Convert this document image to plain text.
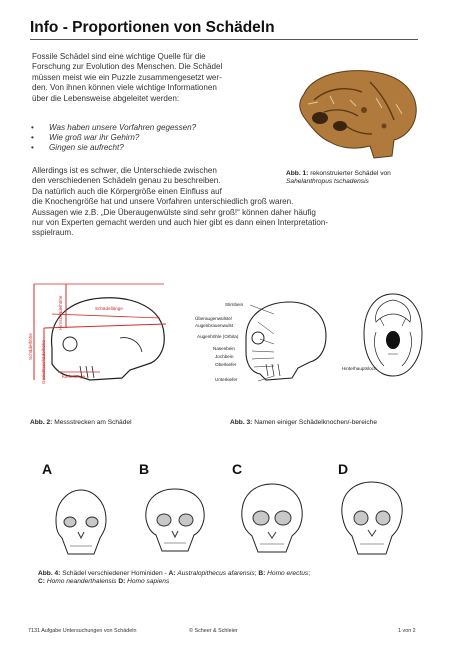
Info - Proportionen von Schädeln
Fossile Schädel sind eine wichtige Quelle für die
Forschung zur Evolution des Menschen. Die Schädel
müssen meist wie ein Puzzle zusammengesetzt wer-
den. Von ihnen können viele wichtige Informationen
über die Lebensweise abgeleitet werden:
• Was haben unsere Vorfahren gegessen?
• Wie groß war ihr Gehirn?
• Gingen sie aufrecht?
Allerdings ist es schwer, die Unterschiede zwischen
den verschiedenen Schädeln genau zu beschreiben.
Da natürlich auch die Körpergröße einen Einfluss auf
die Knochengröße hat und unsere Vorfahren unterschiedlich groß waren.
Aussagen wie z.B. „Die Überaugenwülste sind sehr groß!“ können daher häufig
nur von Experten gemacht werden und auch hier gibt es dann einen Interpretation-
sspielraum.
Abb. 1: rekonstruierter Schädel von
Sahelanthropus tschadensis
Hirnschädelhöhe	Schädellänge
Schädelhöhe Gesichtsschädelhöhe	Kieferlänge
Stirnbein
Überaugenwülste/
Augenbrauenwulst
Augenhöhle (Orbita)
Nasenbein
Jochbein
Oberkiefer
Unterkiefer
Hinterhauptsloch
Abb. 2: Messstrecken am Schädel	Abb. 3: Namen einiger Schädelknochen/-bereiche
A	B	C	D
Abb. 4: Schädel verschiedener Hominiden - A: Australopithecus afarensis; B: Homo erectus;
C: Homo neanderthalensis D: Homo sapiens
7131 Aufgabe Untersuchungen von Schädeln	© Scheer & Schleier	1 von 2
